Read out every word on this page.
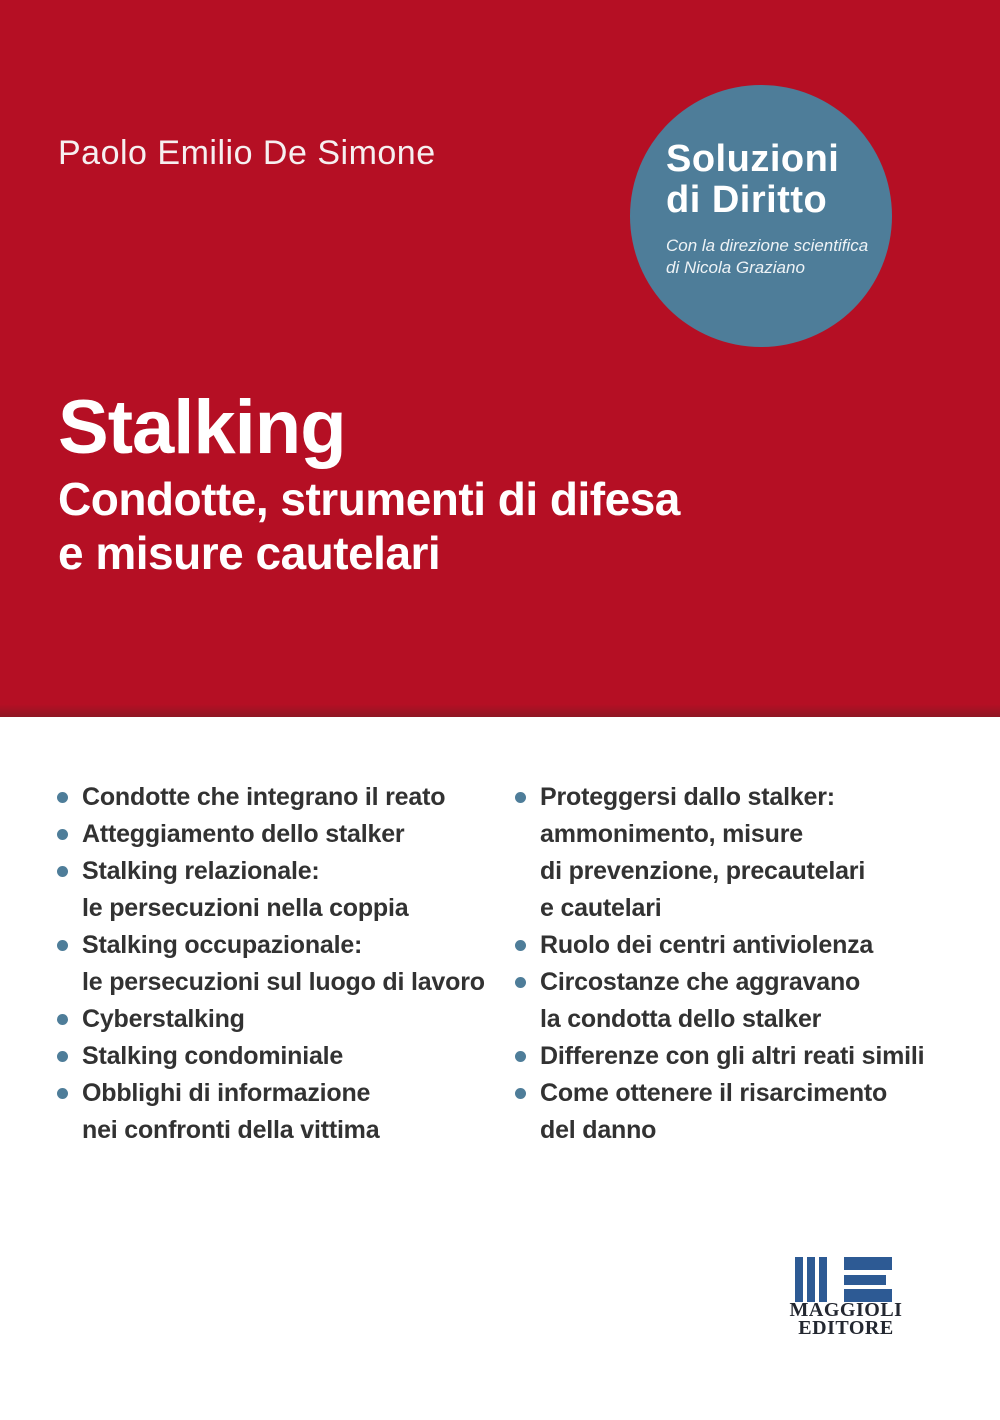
Paolo Emilio De Simone	Soluzioni
di Diritto
Con la direzione scientifica
di Nicola Graziano
Stalking
Condotte, strumenti di difesa
e misure cautelari
Condotte che integrano il reato
Atteggiamento dello stalker
Stalking relazionale:
le persecuzioni nella coppia
Stalking occupazionale:
le persecuzioni sul luogo di lavoro
Cyberstalking
Stalking condominiale
Obblighi di informazione
nei confronti della vittima
Proteggersi dallo stalker:
ammonimento, misure
di prevenzione, precautelari
e cautelari
Ruolo dei centri antiviolenza
Circostanze che aggravano
la condotta dello stalker
Differenze con gli altri reati simili
Come ottenere il risarcimento
del danno
MAGGIOLI
EDITORE
